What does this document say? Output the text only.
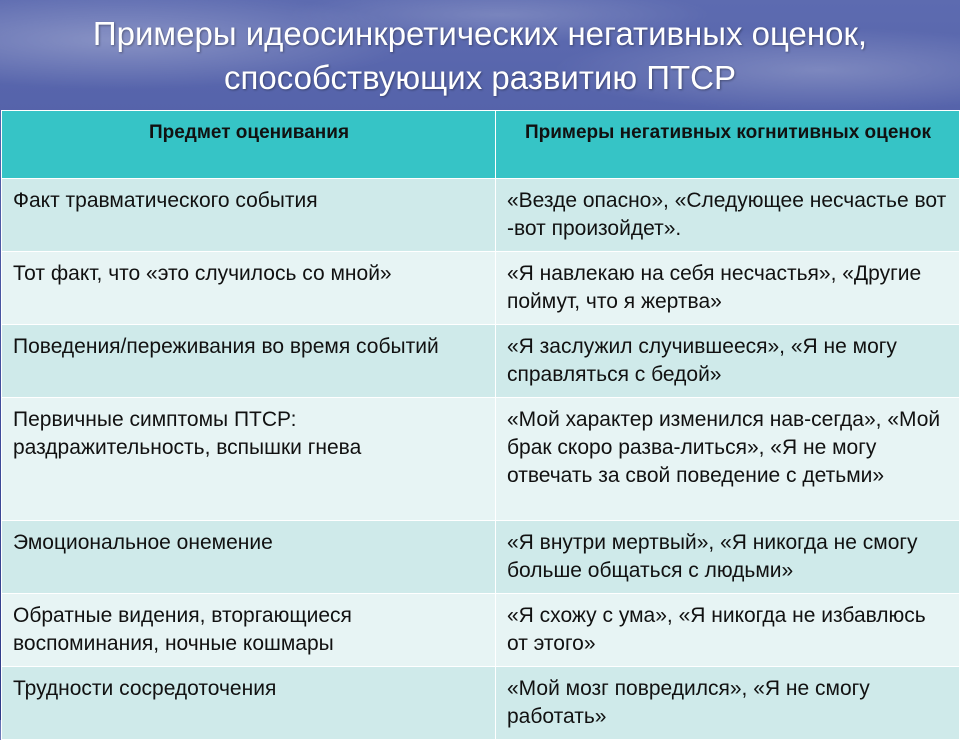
Примеры идеосинкретических негативных оценок, способствующих развитию ПТСР
Предмет оценивания	Примеры негативных когнитивных оценок
Факт травматического события	«Везде опасно», «Следующее несчастье вот -вот произойдет».
Тот факт, что «это случилось со мной»	«Я навлекаю на себя несчастья», «Другие поймут, что я жертва»
Поведения/переживания во время событий	«Я заслужил случившееся», «Я не могу справляться с бедой»
Первичные симптомы ПТСР: раздражительность, вспышки гнева	«Мой характер изменился нав-сегда», «Мой брак скоро разва-литься», «Я не могу отвечать за свой поведение с детьми»
Эмоциональное онемение	«Я внутри мертвый», «Я никогда не смогу больше общаться с людьми»
Обратные видения, вторгающиеся воспоминания, ночные кошмары	«Я схожу с ума», «Я никогда не избавлюсь от этого»
Трудности сосредоточения	«Мой мозг повредился», «Я не смогу работать»
